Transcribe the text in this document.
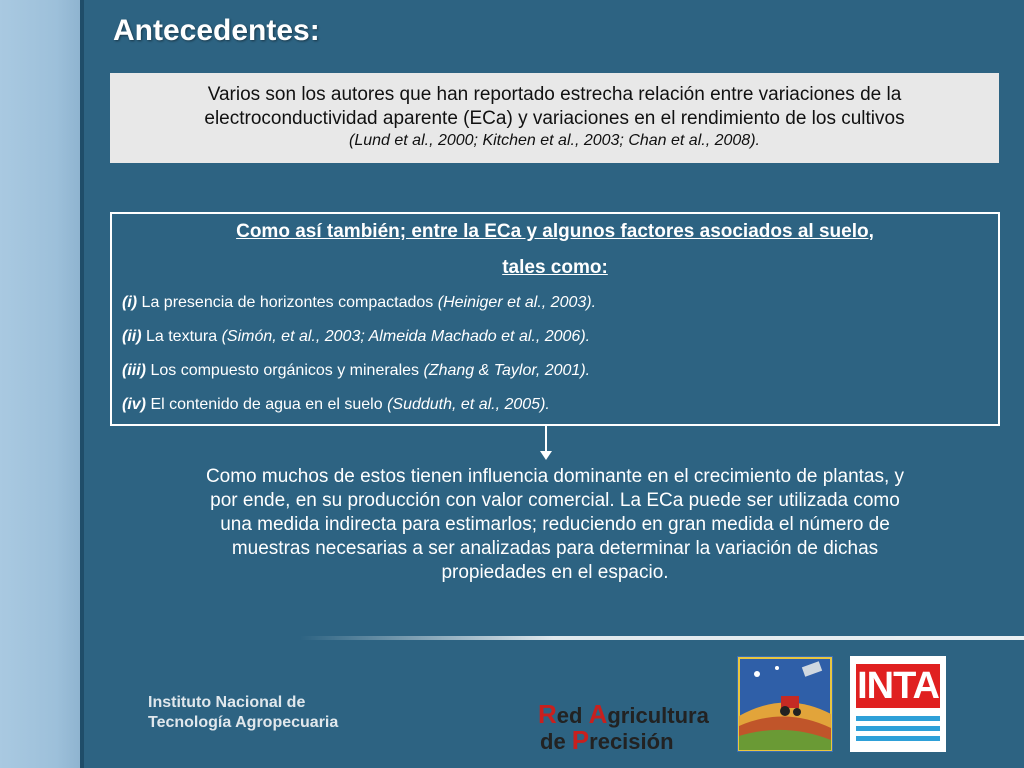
Antecedentes:
Varios son los autores que han reportado estrecha relación entre variaciones de la
electroconductividad aparente (ECa) y variaciones en el rendimiento de los cultivos
(Lund et al., 2000; Kitchen et al., 2003; Chan et al., 2008).
Como así también; entre la ECa y algunos factores asociados al suelo,
tales como:
(i) La presencia de horizontes compactados (Heiniger et al., 2003).
(ii) La textura (Simón, et al., 2003; Almeida Machado et al., 2006).
(iii) Los compuesto orgánicos y minerales (Zhang & Taylor, 2001).
(iv) El contenido de agua en el suelo (Sudduth, et al., 2005).
Como muchos de estos tienen influencia dominante en el crecimiento de plantas, y
por ende, en su producción con valor comercial. La ECa puede ser utilizada como
una medida indirecta para estimarlos; reduciendo en gran medida el número de
muestras necesarias a ser analizadas para determinar la variación de dichas
propiedades en el espacio.
Instituto Nacional de
Tecnología Agropecuaria	Red Agricultura
de Precisión
INTA
